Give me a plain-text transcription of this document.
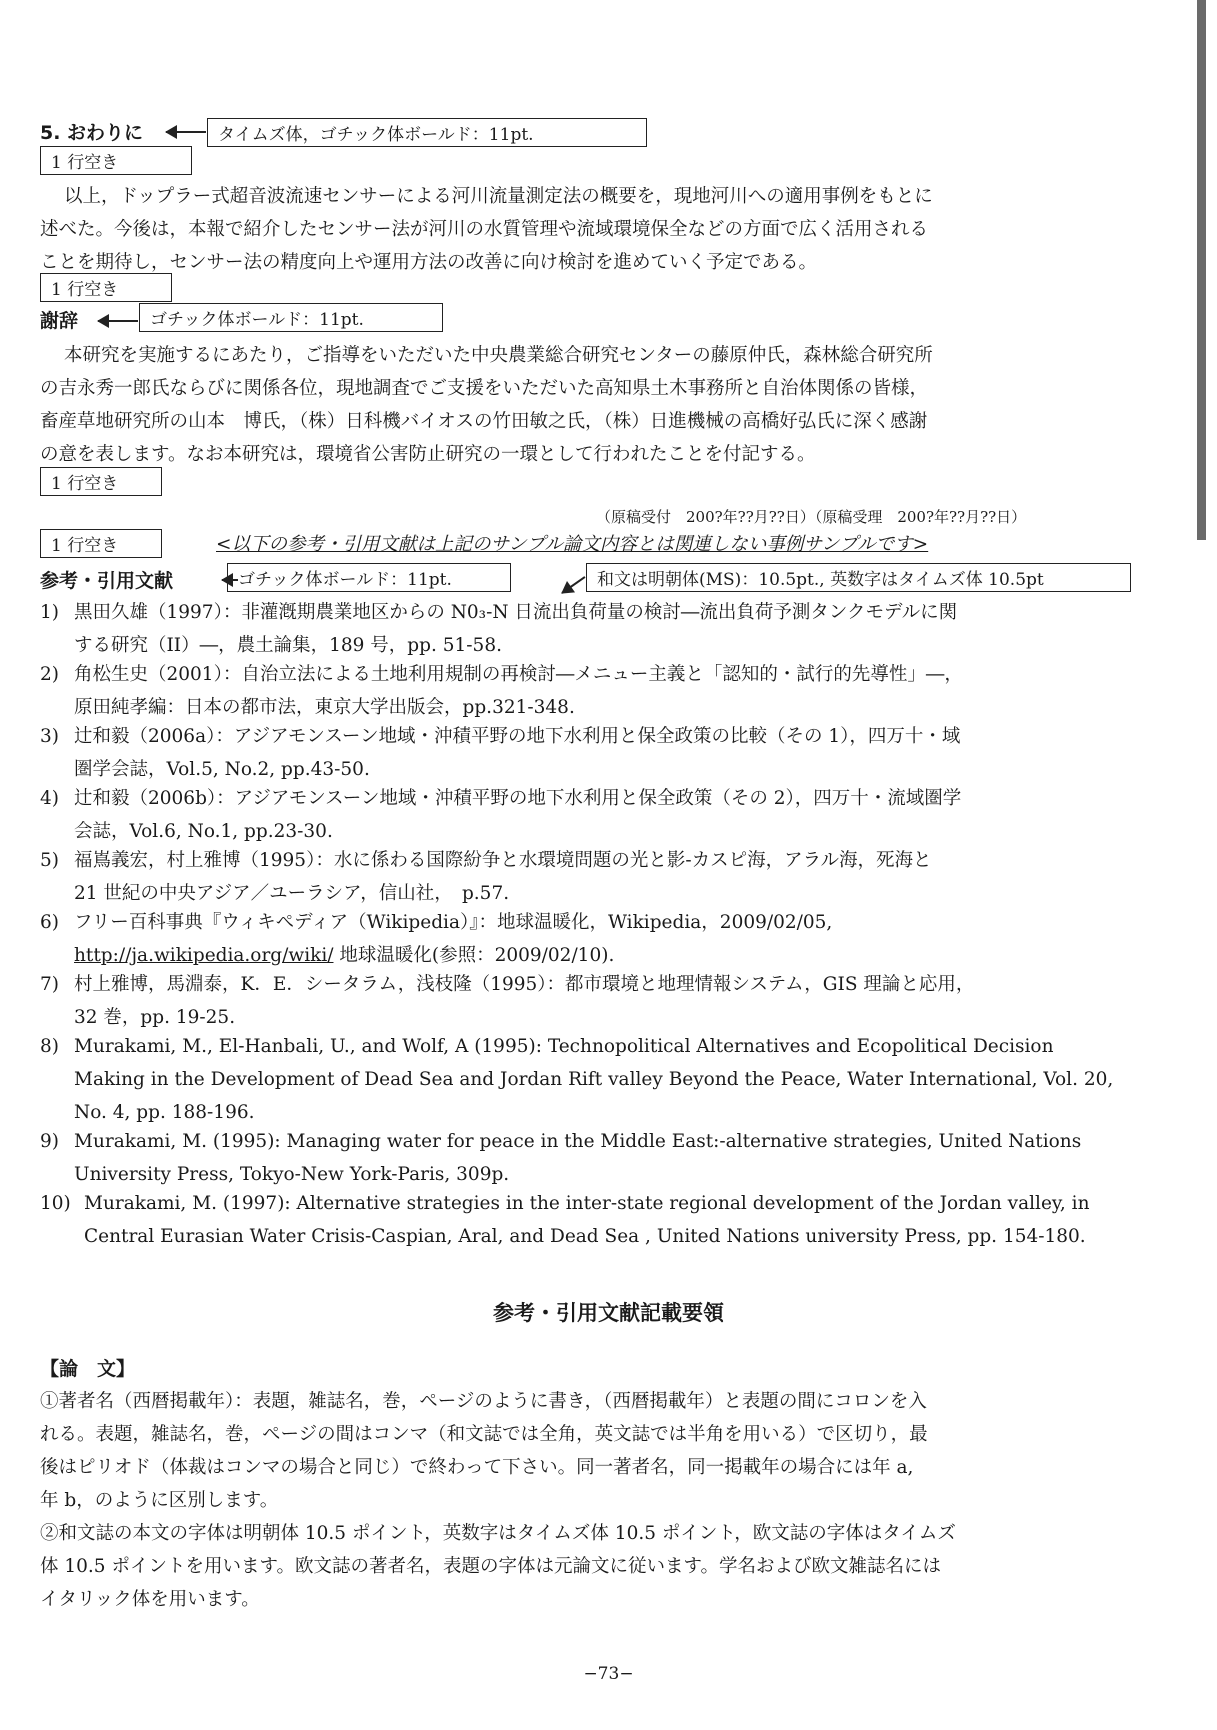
5. おわりに	タイムズ体，ゴチック体ボールド：11pt.
1 行空き
以上，ドップラー式超音波流速センサーによる河川流量測定法の概要を，現地河川への適用事例をもとに
述べた。今後は，本報で紹介したセンサー法が河川の水質管理や流域環境保全などの方面で広く活用される
ことを期待し，センサー法の精度向上や運用方法の改善に向け検討を進めていく予定である。
1 行空き
謝辞	ゴチック体ボールド：11pt.
本研究を実施するにあたり，ご指導をいただいた中央農業総合研究センターの藤原仲氏，森林総合研究所
の吉永秀一郎氏ならびに関係各位，現地調査でご支援をいただいた高知県土木事務所と自治体関係の皆様，
畜産草地研究所の山本　博氏，（株）日科機バイオスの竹田敏之氏，（株）日進機械の高橋好弘氏に深く感謝
の意を表します。なお本研究は，環境省公害防止研究の一環として行われたことを付記する。
1 行空き
（原稿受付　200?年??月??日）（原稿受理　200?年??月??日）
1 行空き	<以下の参考・引用文献は上記のサンプル論文内容とは関連しない事例サンプルです>
参考・引用文献	ゴチック体ボールド：11pt.	和文は明朝体(MS)：10.5pt., 英数字はタイムズ体 10.5pt
1) 黒田久雄（1997）：非灌漑期農業地区からの N0₃-N 日流出負荷量の検討―流出負荷予測タンクモデルに関
する研究（II）―，農土論集，189 号，pp. 51-58.
2) 角松生史（2001）：自治立法による土地利用規制の再検討―メニュー主義と「認知的・試行的先導性」―，
原田純孝編：日本の都市法，東京大学出版会，pp.321-348.
3) 辻和毅（2006a）：アジアモンスーン地域・沖積平野の地下水利用と保全政策の比較（その 1），四万十・域
圏学会誌，Vol.5, No.2, pp.43-50.
4) 辻和毅（2006b）：アジアモンスーン地域・沖積平野の地下水利用と保全政策（その 2），四万十・流域圏学
会誌，Vol.6, No.1, pp.23-30.
5) 福嶌義宏，村上雅博（1995）：水に係わる国際紛争と水環境問題の光と影-カスピ海，アラル海，死海と
21 世紀の中央アジア／ユーラシア，信山社，　p.57.
6) フリー百科事典『ウィキペディア（Wikipedia）』：地球温暖化，Wikipedia，2009/02/05,
http://ja.wikipedia.org/wiki/ 地球温暖化(参照：2009/02/10).
7) 村上雅博，馬淵泰，K．E．シータラム，浅枝隆（1995）：都市環境と地理情報システム，GIS 理論と応用，
32 巻，pp. 19-25.
8) Murakami, M., El-Hanbali, U., and Wolf, A (1995): Technopolitical Alternatives and Ecopolitical Decision
Making in the Development of Dead Sea and Jordan Rift valley Beyond the Peace, Water International, Vol. 20,
No. 4, pp. 188-196.
9) Murakami, M. (1995): Managing water for peace in the Middle East:-alternative strategies, United Nations
University Press, Tokyo-New York-Paris, 309p.
10) Murakami, M. (1997): Alternative strategies in the inter-state regional development of the Jordan valley, in
Central Eurasian Water Crisis-Caspian, Aral, and Dead Sea , United Nations university Press, pp. 154-180.
参考・引用文献記載要領
【論　文】
①著者名（西暦掲載年）：表題，雑誌名，巻，ページのように書き，（西暦掲載年）と表題の間にコロンを入
れる。表題，雑誌名，巻，ページの間はコンマ（和文誌では全角，英文誌では半角を用いる）で区切り，最
後はピリオド（体裁はコンマの場合と同じ）で終わって下さい。同一著者名，同一掲載年の場合には年 a,
年 b，のように区別します。
②和文誌の本文の字体は明朝体 10.5 ポイント，英数字はタイムズ体 10.5 ポイント，欧文誌の字体はタイムズ
体 10.5 ポイントを用います。欧文誌の著者名，表題の字体は元論文に従います。学名および欧文雑誌名には
イタリック体を用います。
−73−
